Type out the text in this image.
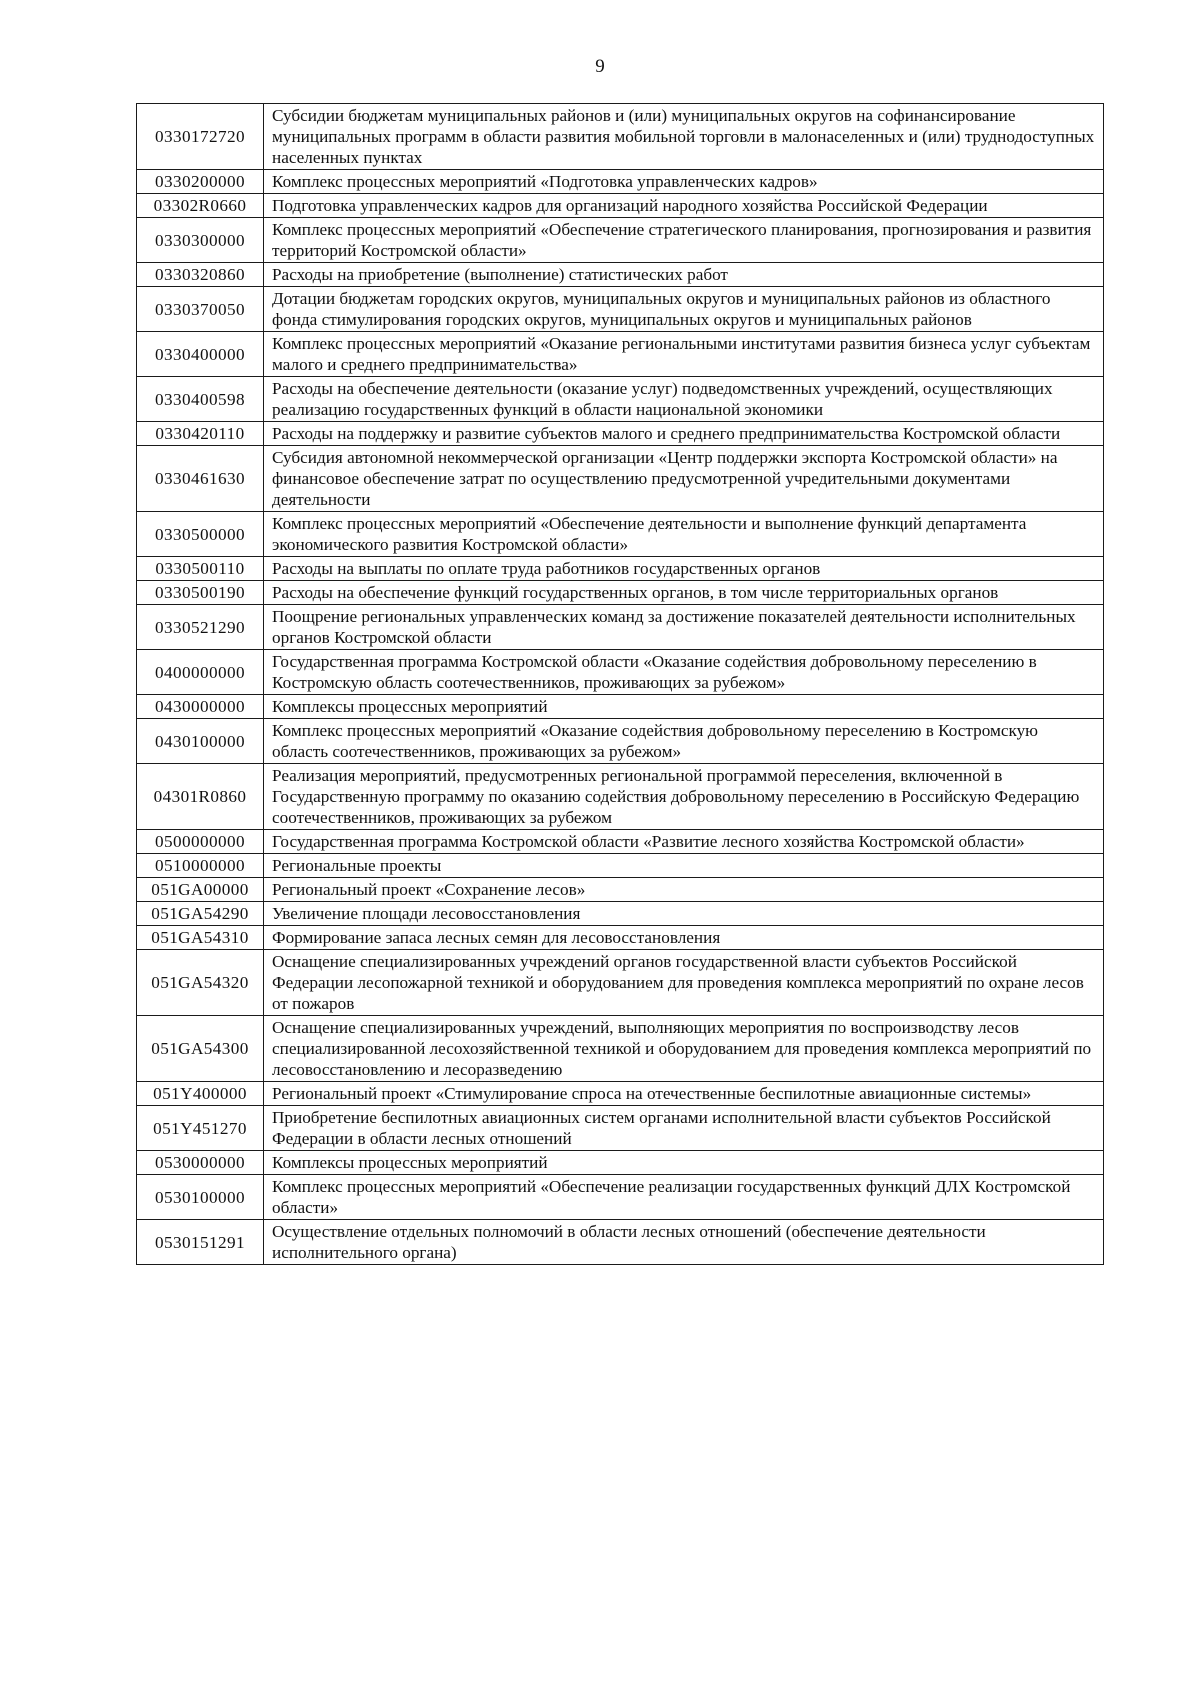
9
0330172720	Субсидии бюджетам муниципальных районов и (или) муниципальных округов на софинансирование муниципальных программ в области развития мобильной торговли в малонаселенных и (или) труднодоступных населенных пунктах
0330200000	Комплекс процессных мероприятий «Подготовка управленческих кадров»
03302R0660	Подготовка управленческих кадров для организаций народного хозяйства Российской Федерации
0330300000	Комплекс процессных мероприятий «Обеспечение стратегического планирования, прогнозирования и развития территорий Костромской области»
0330320860	Расходы на приобретение (выполнение) статистических работ
0330370050	Дотации бюджетам городских округов, муниципальных округов и муниципальных районов из областного фонда стимулирования городских округов, муниципальных округов и муниципальных районов
0330400000	Комплекс процессных мероприятий «Оказание региональными институтами развития бизнеса услуг субъектам малого и среднего предпринимательства»
0330400598	Расходы на обеспечение деятельности (оказание услуг) подведомственных учреждений, осуществляющих реализацию государственных функций в области национальной экономики
0330420110	Расходы на поддержку и развитие субъектов малого и среднего предпринимательства Костромской области
0330461630	Субсидия автономной некоммерческой организации «Центр поддержки экспорта Костромской области» на финансовое обеспечение затрат по осуществлению предусмотренной учредительными документами деятельности
0330500000	Комплекс процессных мероприятий «Обеспечение деятельности и выполнение функций департамента экономического развития Костромской области»
0330500110	Расходы на выплаты по оплате труда работников государственных органов
0330500190	Расходы на обеспечение функций государственных органов, в том числе территориальных органов
0330521290	Поощрение региональных управленческих команд за достижение показателей деятельности исполнительных органов Костромской области
0400000000	Государственная программа Костромской области «Оказание содействия добровольному переселению в Костромскую область соотечественников, проживающих за рубежом»
0430000000	Комплексы процессных мероприятий
0430100000	Комплекс процессных мероприятий «Оказание содействия добровольному переселению в Костромскую область соотечественников, проживающих за рубежом»
04301R0860	Реализация мероприятий, предусмотренных региональной программой переселения, включенной в Государственную программу по оказанию содействия добровольному переселению в Российскую Федерацию соотечественников, проживающих за рубежом
0500000000	Государственная программа Костромской области «Развитие лесного хозяйства Костромской области»
0510000000	Региональные проекты
051GA00000	Региональный проект «Сохранение лесов»
051GA54290	Увеличение площади лесовосстановления
051GA54310	Формирование запаса лесных семян для лесовосстановления
051GA54320	Оснащение специализированных учреждений органов государственной власти субъектов Российской Федерации лесопожарной техникой и оборудованием для проведения комплекса мероприятий по охране лесов от пожаров
051GA54300	Оснащение специализированных учреждений, выполняющих мероприятия по воспроизводству лесов специализированной лесохозяйственной техникой и оборудованием для проведения комплекса мероприятий по лесовосстановлению и лесоразведению
051Y400000	Региональный проект «Стимулирование спроса на отечественные беспилотные авиационные системы»
051Y451270	Приобретение беспилотных авиационных систем органами исполнительной власти субъектов Российской Федерации в области лесных отношений
0530000000	Комплексы процессных мероприятий
0530100000	Комплекс процессных мероприятий «Обеспечение реализации государственных функций ДЛХ Костромской области»
0530151291	Осуществление отдельных полномочий в области лесных отношений (обеспечение деятельности исполнительного органа)
